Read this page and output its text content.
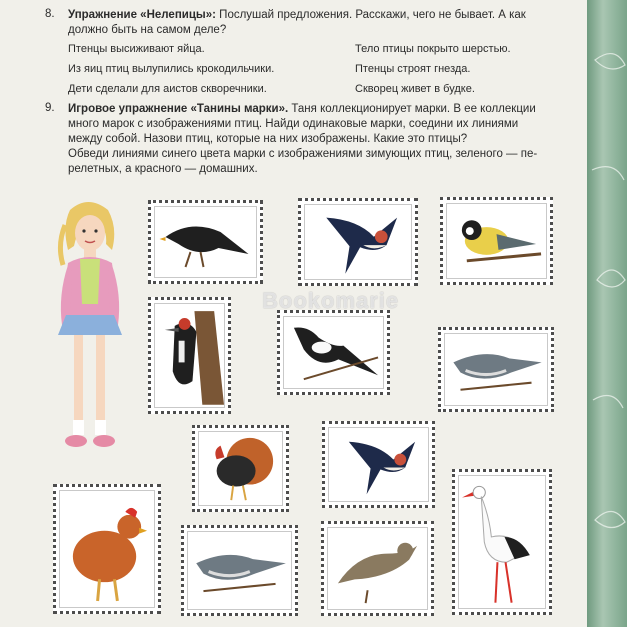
8. Упражнение «Нелепицы»: Послушай предложения. Расскажи, чего не бывает. А как
должно быть на самом деле?
Птенцы высиживают яйца.
Из яиц птиц вылупились крокодильчики.
Дети сделали для аистов скворечники.
Тело птицы покрыто шерстью.
Птенцы строят гнезда.
Скворец живет в будке.
9. Игровое упражнение «Танины марки». Таня коллекционирует марки. В ее коллекции
много марок с изображениями птиц. Найди одинаковые марки, соедини их линиями
между собой. Назови птиц, которые на них изображены. Какие это птицы?
Обведи линиями синего цвета марки с изображениями зимующих птиц, зеленого — пе-
релетных, а красного — домашних.
Bookomarie
